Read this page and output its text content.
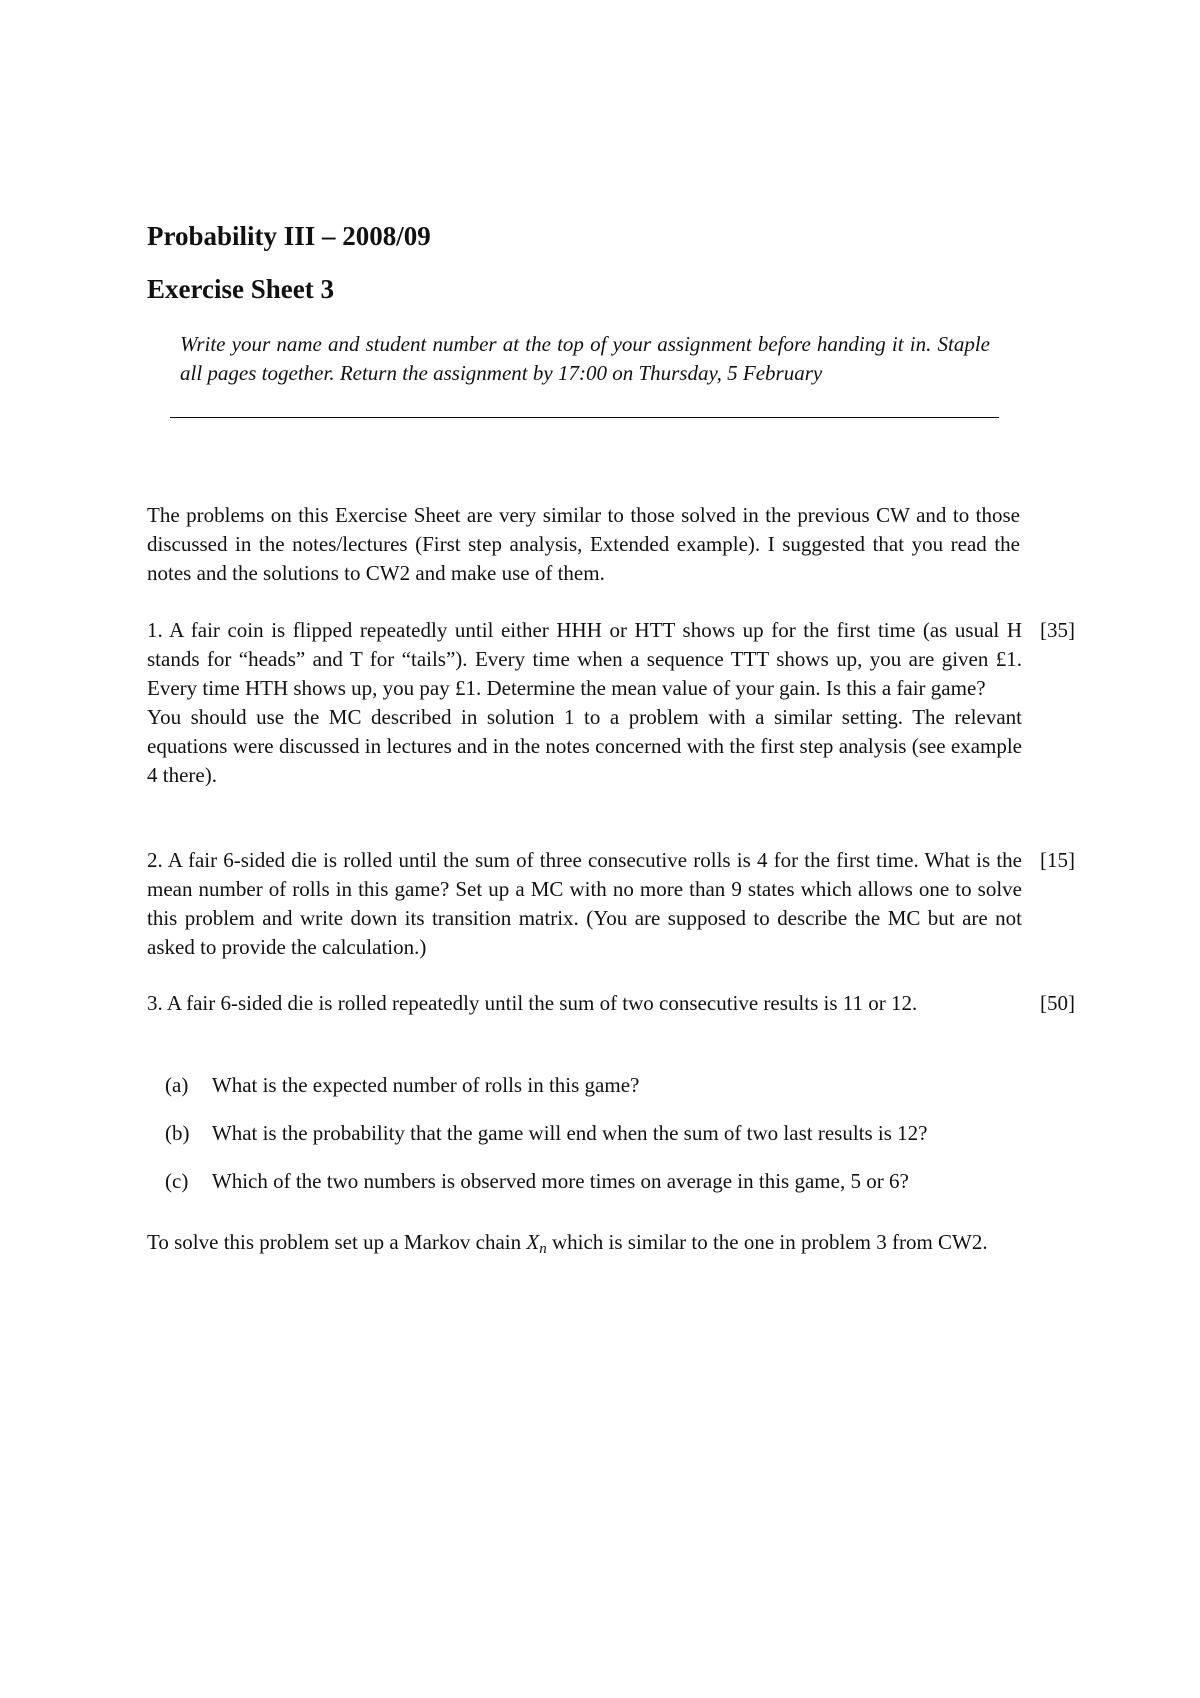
Probability III – 2008/09
Exercise Sheet 3
Write your name and student number at the top of your assignment before handing it in. Staple all pages together. Return the assignment by 17:00 on Thursday, 5 February
The problems on this Exercise Sheet are very similar to those solved in the previous CW and to those discussed in the notes/lectures (First step analysis, Extended example). I suggested that you read the notes and the solutions to CW2 and make use of them.
1. A fair coin is flipped repeatedly until either HHH or HTT shows up for the first time (as usual H stands for “heads” and T for “tails”). Every time when a sequence TTT shows up, you are given £1. Every time HTH shows up, you pay £1. Determine the mean value of your gain. Is this a fair game?
You should use the MC described in solution 1 to a problem with a similar setting. The relevant equations were discussed in lectures and in the notes concerned with the first step analysis (see example 4 there).
[35]
2. A fair 6-sided die is rolled until the sum of three consecutive rolls is 4 for the first time. What is the mean number of rolls in this game? Set up a MC with no more than 9 states which allows one to solve this problem and write down its transition matrix. (You are supposed to describe the MC but are not asked to provide the calculation.)
[15]
3. A fair 6-sided die is rolled repeatedly until the sum of two consecutive results is 11 or 12.	[50]
(a) What is the expected number of rolls in this game?
(b) What is the probability that the game will end when the sum of two last results is 12?
(c) Which of the two numbers is observed more times on average in this game, 5 or 6?
To solve this problem set up a Markov chain $X_n$ which is similar to the one in problem 3 from CW2.
